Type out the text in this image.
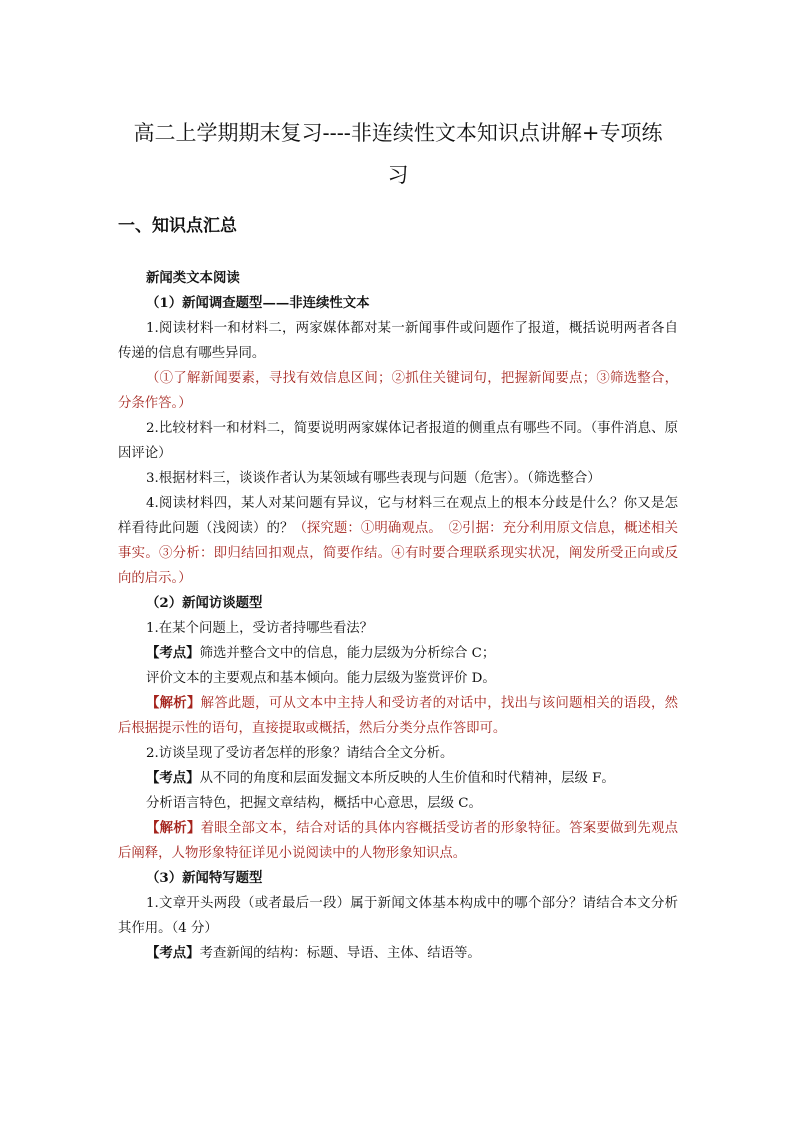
高二上学期期末复习----非连续性文本知识点讲解+专项练
习
一、知识点汇总

新闻类文本阅读

（1）新闻调查题型——非连续性文本

1.阅读材料一和材料二，两家媒体都对某一新闻事件或问题作了报道，概括说明两者各自传递的信息有哪些异同。

（①了解新闻要素，寻找有效信息区间；②抓住关键词句，把握新闻要点；③筛选整合，分条作答。）

2.比较材料一和材料二，简要说明两家媒体记者报道的侧重点有哪些不同。（事件消息、原因评论）

3.根据材料三，谈谈作者认为某领域有哪些表现与问题（危害）。（筛选整合）

4.阅读材料四，某人对某问题有异议，它与材料三在观点上的根本分歧是什么？你又是怎样看待此问题（浅阅读）的？（探究题：①明确观点。　②引据：充分利用原文信息，概述相关事实。③分析：即归结回扣观点，简要作结。④有时要合理联系现实状况，阐发所受正向或反向的启示。）

（2）新闻访谈题型

1.在某个问题上，受访者持哪些看法？

【考点】筛选并整合文中的信息，能力层级为分析综合 C；

评价文本的主要观点和基本倾向。能力层级为鉴赏评价 D。

【解析】解答此题，可从文本中主持人和受访者的对话中，找出与该问题相关的语段，然后根据提示性的语句，直接提取或概括，然后分类分点作答即可。

2.访谈呈现了受访者怎样的形象？请结合全文分析。

【考点】从不同的角度和层面发掘文本所反映的人生价值和时代精神，层级 F。

分析语言特色，把握文章结构，概括中心意思，层级 C。

【解析】着眼全部文本，结合对话的具体内容概括受访者的形象特征。答案要做到先观点后阐释，人物形象特征详见小说阅读中的人物形象知识点。

（3）新闻特写题型

1.文章开头两段（或者最后一段）属于新闻文体基本构成中的哪个部分？请结合本文分析其作用。（4 分）

【考点】考查新闻的结构：标题、导语、主体、结语等。
